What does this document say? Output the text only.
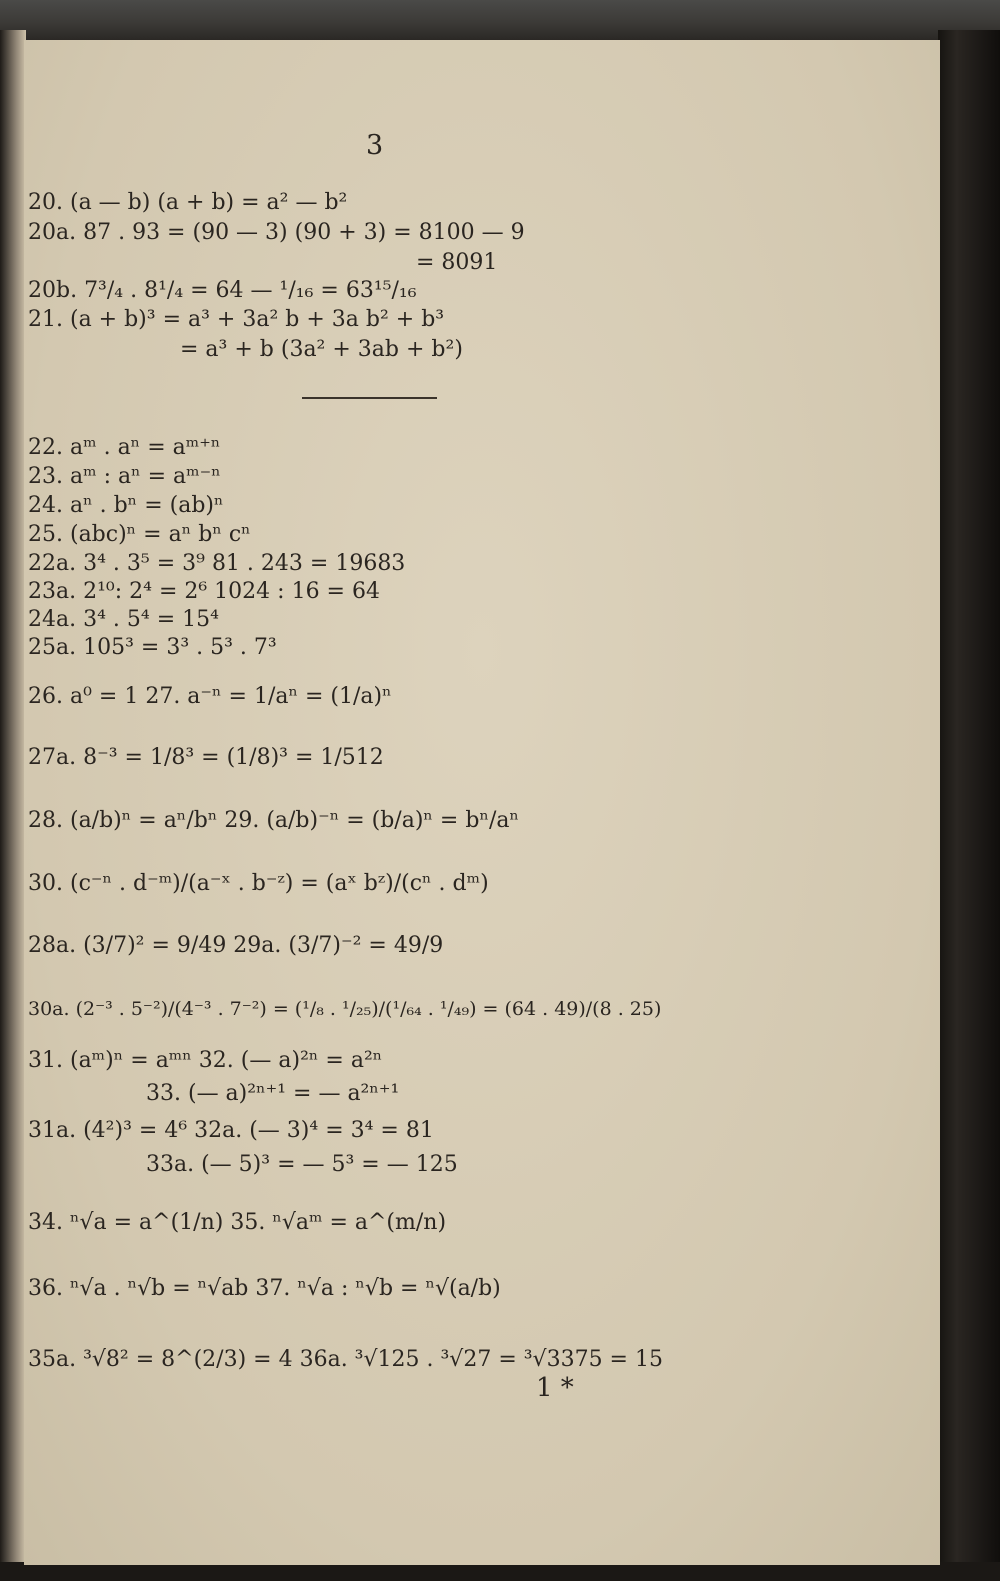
3
20. (a — b) (a + b) = a² — b²
20a. 87 . 93 = (90 — 3) (90 + 3) = 8100 — 9
= 8091
20b. 7³/₄ . 8¹/₄ = 64 — ¹/₁₆ = 63¹⁵/₁₆
21. (a + b)³ = a³ + 3a² b + 3a b² + b³
= a³ + b (3a² + 3ab + b²)
22. aᵐ . aⁿ = aᵐ⁺ⁿ
23. aᵐ : aⁿ = aᵐ⁻ⁿ
24. aⁿ . bⁿ = (ab)ⁿ
25. (abc)ⁿ = aⁿ bⁿ cⁿ
22a. 3⁴ . 3⁵ = 3⁹ 81 . 243 = 19683
23a. 2¹⁰: 2⁴ = 2⁶ 1024 : 16 = 64
24a. 3⁴ . 5⁴ = 15⁴
25a. 105³ = 3³ . 5³ . 7³
26. a⁰ = 1 27. a⁻ⁿ = 1/aⁿ = (1/a)ⁿ
27a. 8⁻³ = 1/8³ = (1/8)³ = 1/512
28. (a/b)ⁿ = aⁿ/bⁿ 29. (a/b)⁻ⁿ = (b/a)ⁿ = bⁿ/aⁿ
30. (c⁻ⁿ . d⁻ᵐ)/(a⁻ˣ . b⁻ᶻ) = (aˣ bᶻ)/(cⁿ . dᵐ)
28a. (3/7)² = 9/49 29a. (3/7)⁻² = 49/9
30a. (2⁻³ . 5⁻²)/(4⁻³ . 7⁻²) = (¹/₈ . ¹/₂₅)/(¹/₆₄ . ¹/₄₉) = (64 . 49)/(8 . 25)
31. (aᵐ)ⁿ = aᵐⁿ 32. (— a)²ⁿ = a²ⁿ
33. (— a)²ⁿ⁺¹ = — a²ⁿ⁺¹
31a. (4²)³ = 4⁶ 32a. (— 3)⁴ = 3⁴ = 81
33a. (— 5)³ = — 5³ = — 125
34. ⁿ√a = a^(1/n) 35. ⁿ√aᵐ = a^(m/n)
36. ⁿ√a . ⁿ√b = ⁿ√ab 37. ⁿ√a : ⁿ√b = ⁿ√(a/b)
35a. ³√8² = 8^(2/3) = 4 36a. ³√125 . ³√27 = ³√3375 = 15
1 *
